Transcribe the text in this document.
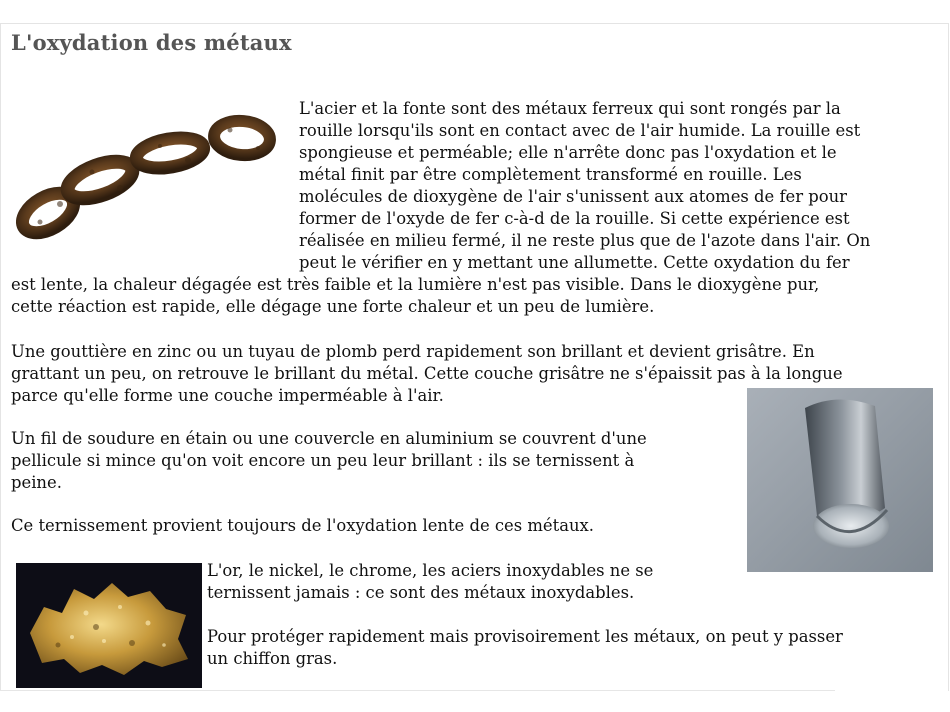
L'oxydation des métaux
L'acier et la fonte sont des métaux ferreux qui sont rongés par la
rouille lorsqu'ils sont en contact avec de l'air humide. La rouille est
spongieuse et perméable; elle n'arrête donc pas l'oxydation et le
métal finit par être complètement transformé en rouille. Les
molécules de dioxygène de l'air s'unissent aux atomes de fer pour
former de l'oxyde de fer c-à-d de la rouille. Si cette expérience est
réalisée en milieu fermé, il ne reste plus que de l'azote dans l'air. On
peut le vérifier en y mettant une allumette. Cette oxydation du fer
est lente, la chaleur dégagée est très faible et la lumière n'est pas visible. Dans le dioxygène pur,
cette réaction est rapide, elle dégage une forte chaleur et un peu de lumière.
Une gouttière en zinc ou un tuyau de plomb perd rapidement son brillant et devient grisâtre. En
grattant un peu, on retrouve le brillant du métal. Cette couche grisâtre ne s'épaissit pas à la longue
parce qu'elle forme une couche imperméable à l'air.
Un fil de soudure en étain ou une couvercle en aluminium se couvrent d'une
pellicule si mince qu'on voit encore un peu leur brillant : ils se ternissent à
peine.
Ce ternissement provient toujours de l'oxydation lente de ces métaux.
L'or, le nickel, le chrome, les aciers inoxydables ne se
ternissent jamais : ce sont des métaux inoxydables.
Pour protéger rapidement mais provisoirement les métaux, on peut y passer
un chiffon gras.
